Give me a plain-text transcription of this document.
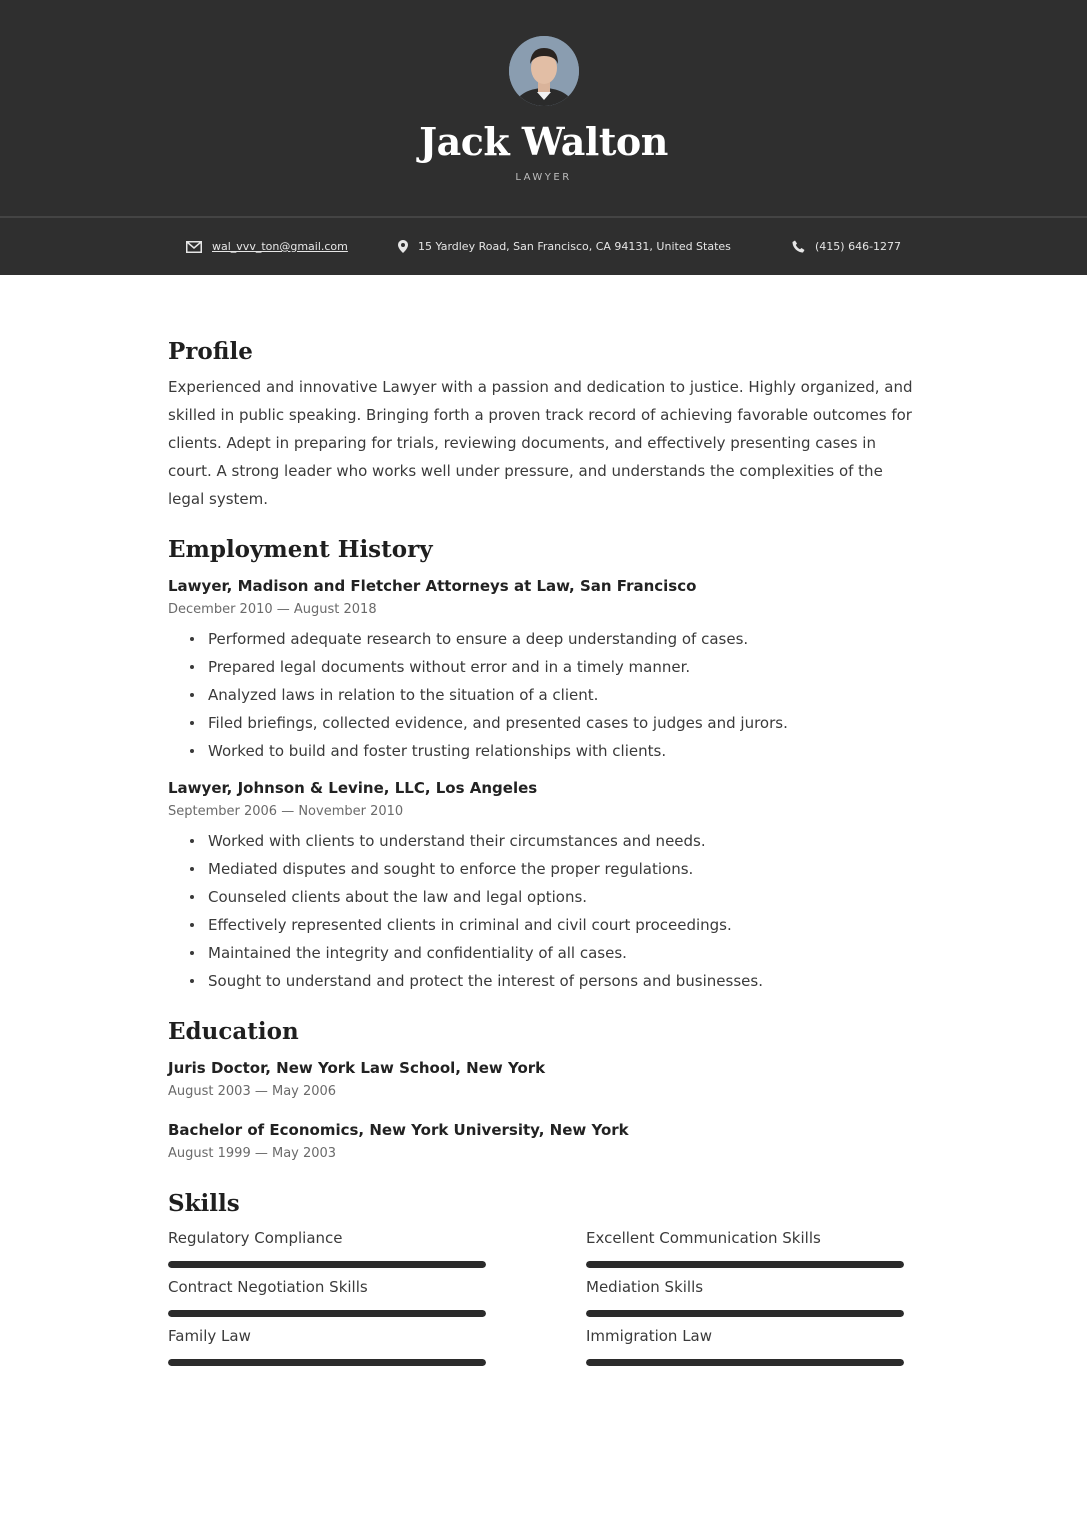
Jack Walton
LAWYER
wal_vvv_ton@gmail.com	15 Yardley Road, San Francisco, CA 94131, United States	(415) 646-1277
Profile
Experienced and innovative Lawyer with a passion and dedication to justice. Highly organized, and skilled in public speaking. Bringing forth a proven track record of achieving favorable outcomes for clients. Adept in preparing for trials, reviewing documents, and effectively presenting cases in court. A strong leader who works well under pressure, and understands the complexities of the legal system.
Employment History
Lawyer, Madison and Fletcher Attorneys at Law, San Francisco
December 2010 — August 2018
Performed adequate research to ensure a deep understanding of cases.
Prepared legal documents without error and in a timely manner.
Analyzed laws in relation to the situation of a client.
Filed briefings, collected evidence, and presented cases to judges and jurors.
Worked to build and foster trusting relationships with clients.
Lawyer, Johnson & Levine, LLC, Los Angeles
September 2006 — November 2010
Worked with clients to understand their circumstances and needs.
Mediated disputes and sought to enforce the proper regulations.
Counseled clients about the law and legal options.
Effectively represented clients in criminal and civil court proceedings.
Maintained the integrity and confidentiality of all cases.
Sought to understand and protect the interest of persons and businesses.
Education
Juris Doctor, New York Law School, New York
August 2003 — May 2006
Bachelor of Economics, New York University, New York
August 1999 — May 2003
Skills
Regulatory Compliance	Excellent Communication Skills
Contract Negotiation Skills	Mediation Skills
Family Law	Immigration Law
